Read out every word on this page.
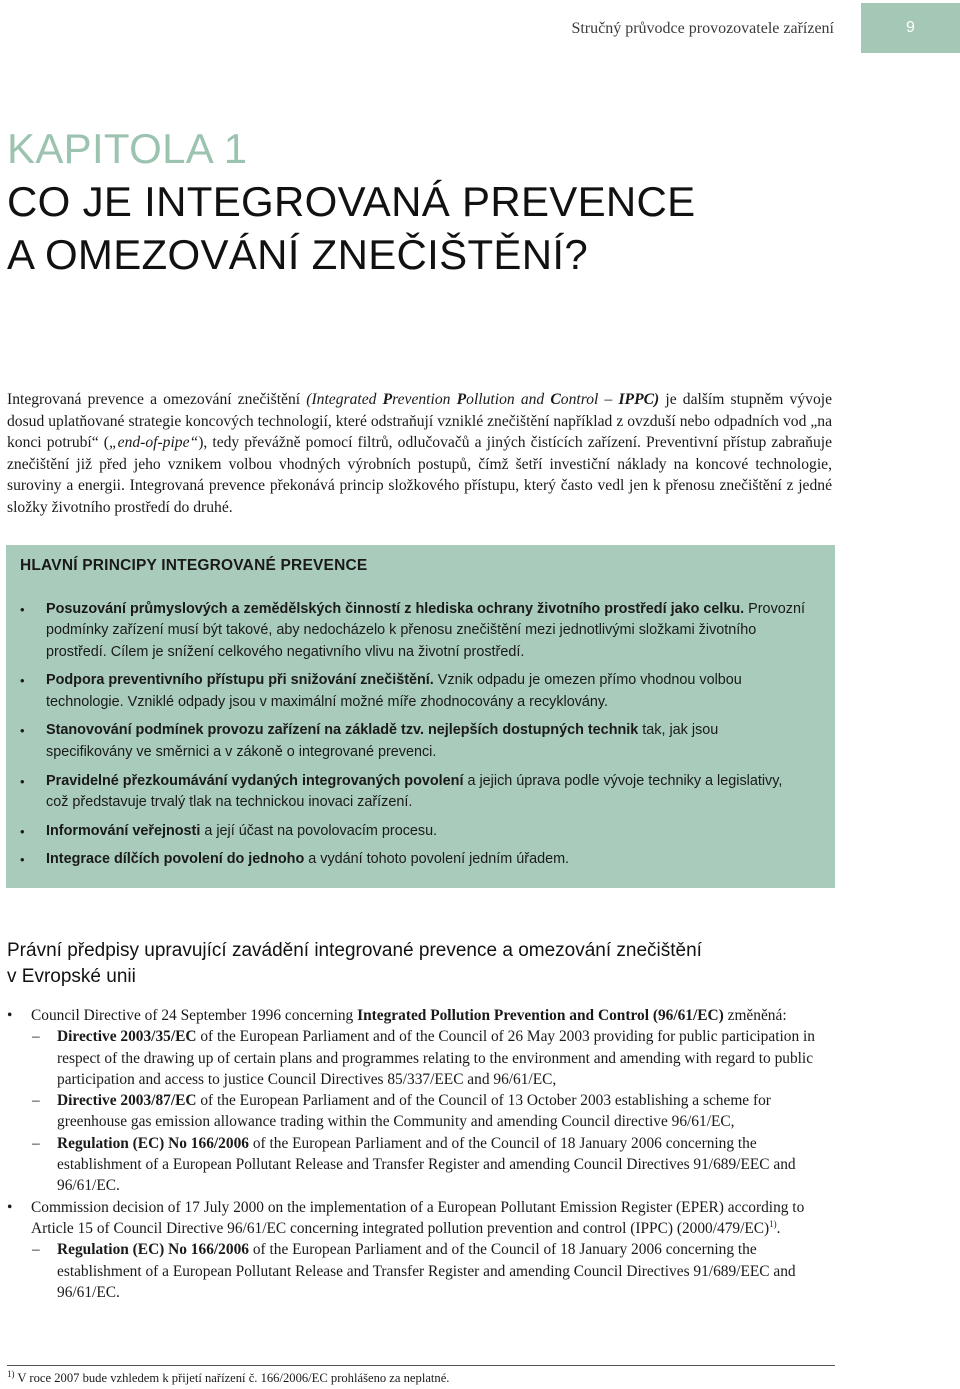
Stručný průvodce provozovatele zařízení	9
KAPITOLA 1
CO JE INTEGROVANÁ PREVENCE
A OMEZOVÁNÍ ZNEČIŠTĚNÍ?

Integrovaná prevence a omezování znečištění (Integrated Prevention Pollution and Control – IPPC) je dalším stupněm vývoje dosud uplatňované strategie koncových technologií, které odstraňují vzniklé znečištění například z ovzduší nebo odpadních vod „na konci potrubí“ („end-of-pipe“), tedy převážně pomocí filtrů, odlučovačů a jiných čistících zařízení. Preventivní přístup zabraňuje znečištění již před jeho vznikem volbou vhodných výrobních postupů, čímž šetří investiční náklady na koncové technologie, suroviny a energii. Integrovaná prevence překonává princip složkového přístupu, který často vedl jen k přenosu znečištění z jedné složky životního prostředí do druhé.

HLAVNÍ PRINCIPY INTEGROVANÉ PREVENCE
• Posuzování průmyslových a zemědělských činností z hlediska ochrany životního prostředí jako celku. Provozní podmínky zařízení musí být takové, aby nedocházelo k přenosu znečištění mezi jednotlivými složkami životního prostředí. Cílem je snížení celkového negativního vlivu na životní prostředí.
• Podpora preventivního přístupu při snižování znečištění. Vznik odpadu je omezen přímo vhodnou volbou technologie. Vzniklé odpady jsou v maximální možné míře zhodnocovány a recyklovány.
• Stanovování podmínek provozu zařízení na základě tzv. nejlepších dostupných technik tak, jak jsou specifikovány ve směrnici a v zákoně o integrované prevenci.
• Pravidelné přezkoumávání vydaných integrovaných povolení a jejich úprava podle vývoje techniky a legislativy, což představuje trvalý tlak na technickou inovaci zařízení.
• Informování veřejnosti a její účast na povolovacím procesu.
• Integrace dílčích povolení do jednoho a vydání tohoto povolení jedním úřadem.
Právní předpisy upravující zavádění integrované prevence a omezování znečištění
v Evropské unii
• Council Directive of 24 September 1996 concerning Integrated Pollution Prevention and Control (96/61/EC) změněná:
– Directive 2003/35/EC of the European Parliament and of the Council of 26 May 2003 providing for public participation in respect of the drawing up of certain plans and programmes relating to the environment and amending with regard to public participation and access to justice Council Directives 85/337/EEC and 96/61/EC,
– Directive 2003/87/EC of the European Parliament and of the Council of 13 October 2003 establishing a scheme for greenhouse gas emission allowance trading within the Community and amending Council directive 96/61/EC,
– Regulation (EC) No 166/2006 of the European Parliament and of the Council of 18 January 2006 concerning the establishment of a European Pollutant Release and Transfer Register and amending Council Directives 91/689/EEC and 96/61/EC.
• Commission decision of 17 July 2000 on the implementation of a European Pollutant Emission Register (EPER) according to Article 15 of Council Directive 96/61/EC concerning integrated pollution prevention and control (IPPC) $(2000/479/EC)^{1)}$.
– Regulation (EC) No 166/2006 of the European Parliament and of the Council of 18 January 2006 concerning the establishment of a European Pollutant Release and Transfer Register and amending Council Directives 91/689/EEC and 96/61/EC.
$^{1)}$ V roce 2007 bude vzhledem k přijetí nařízení č. 166/2006/EC prohlášeno za neplatné.
